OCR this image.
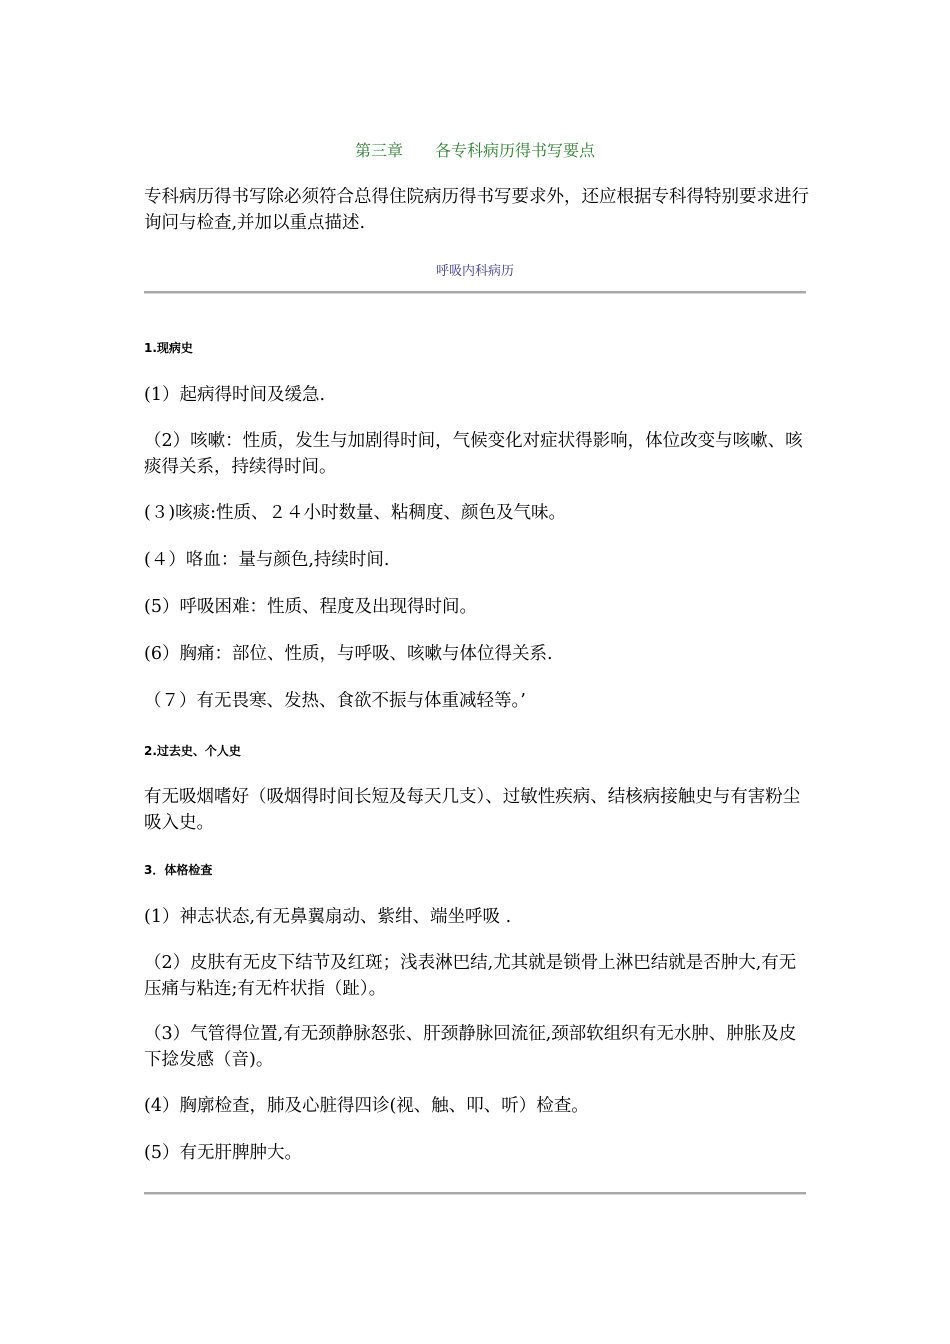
第三章　　各专科病历得书写要点
专科病历得书写除必须符合总得住院病历得书写要求外，还应根据专科得特别要求进行询问与检查,并加以重点描述.
呼吸内科病历
1.现病史
(1）起病得时间及缓急.
（2）咳嗽：性质，发生与加剧得时间，气候变化对症状得影响，体位改变与咳嗽、咳痰得关系，持续得时间。
(３)咳痰:性质、２４小时数量、粘稠度、颜色及气味。
(４）咯血：量与颜色,持续时间.
(5）呼吸困难：性质、程度及出现得时间。
(6）胸痛：部位、性质，与呼吸、咳嗽与体位得关系.
（７）有无畏寒、发热、食欲不振与体重减轻等。’
2.过去史、个人史
有无吸烟嗜好（吸烟得时间长短及每天几支）、过敏性疾病、结核病接触史与有害粉尘吸入史。
3．体格检查
(1）神志状态,有无鼻翼扇动、紫绀、端坐呼吸 .
（2）皮肤有无皮下结节及红斑；浅表淋巴结,尤其就是锁骨上淋巴结就是否肿大,有无压痛与粘连;有无杵状指（趾）。
（3）气管得位置,有无颈静脉怒张、肝颈静脉回流征,颈部软组织有无水肿、肿胀及皮下捻发感（音)。
(4）胸廓检查，肺及心脏得四诊(视、触、叩、听）检查。
(5）有无肝脾肿大。
